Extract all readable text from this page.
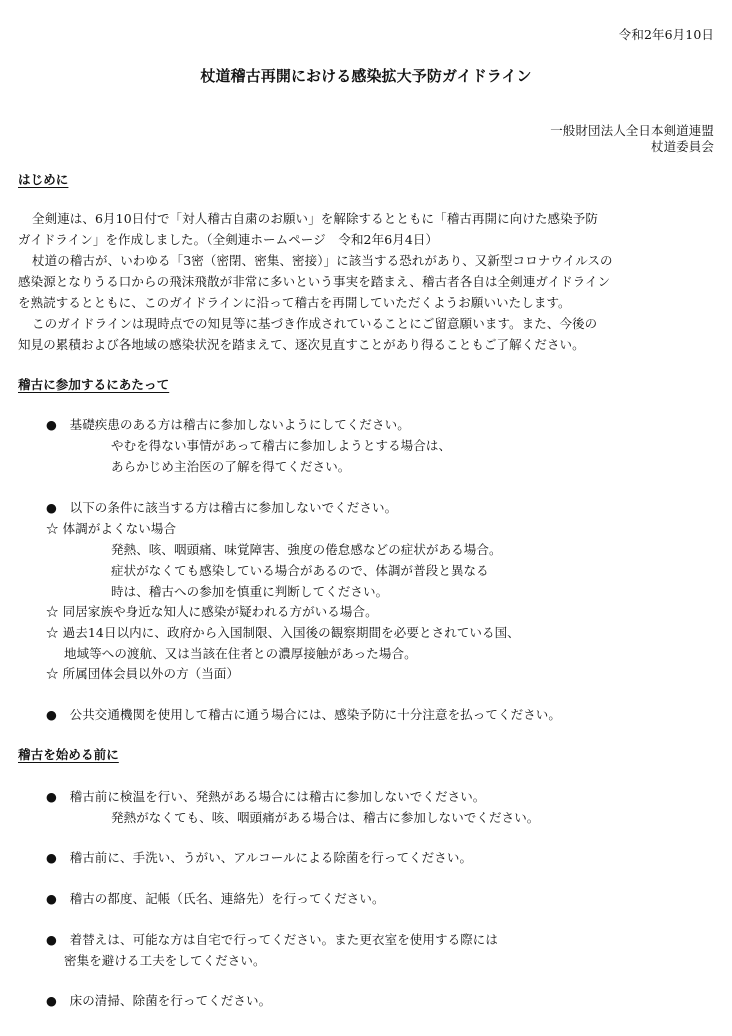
令和2年6月10日
杖道稽古再開における感染拡大予防ガイドライン
一般財団法人全日本剣道連盟
杖道委員会
はじめに
全剣連は、6月10日付で「対人稽古自粛のお願い」を解除するとともに「稽古再開に向けた感染予防
ガイドライン」を作成しました。（全剣連ホームページ　令和2年6月4日）
杖道の稽古が、いわゆる「3密（密閉、密集、密接）」に該当する恐れがあり、又新型コロナウイルスの
感染源となりうる口からの飛沫飛散が非常に多いという事実を踏まえ、稽古者各自は全剣連ガイドライン
を熟読するとともに、このガイドラインに沿って稽古を再開していただくようお願いいたします。
このガイドラインは現時点での知見等に基づき作成されていることにご留意願います。また、今後の
知見の累積および各地域の感染状況を踏まえて、逐次見直すことがあり得ることもご了解ください。
稽古に参加するにあたって
●　基礎疾患のある方は稽古に参加しないようにしてください。
やむを得ない事情があって稽古に参加しようとする場合は、
あらかじめ主治医の了解を得てください。
●　以下の条件に該当する方は稽古に参加しないでください。
☆ 体調がよくない場合
発熱、咳、咽頭痛、味覚障害、強度の倦怠感などの症状がある場合。
症状がなくても感染している場合があるので、体調が普段と異なる
時は、稽古への参加を慎重に判断してください。
☆ 同居家族や身近な知人に感染が疑われる方がいる場合。
☆ 過去14日以内に、政府から入国制限、入国後の観察期間を必要とされている国、
地域等への渡航、又は当該在住者との濃厚接触があった場合。
☆ 所属団体会員以外の方（当面）
●　公共交通機関を使用して稽古に通う場合には、感染予防に十分注意を払ってください。
稽古を始める前に
●　稽古前に検温を行い、発熱がある場合には稽古に参加しないでください。
発熱がなくても、咳、咽頭痛がある場合は、稽古に参加しないでください。
●　稽古前に、手洗い、うがい、アルコールによる除菌を行ってください。
●　稽古の都度、記帳（氏名、連絡先）を行ってください。
●　着替えは、可能な方は自宅で行ってください。また更衣室を使用する際には
密集を避ける工夫をしてください。
●　床の清掃、除菌を行ってください。
